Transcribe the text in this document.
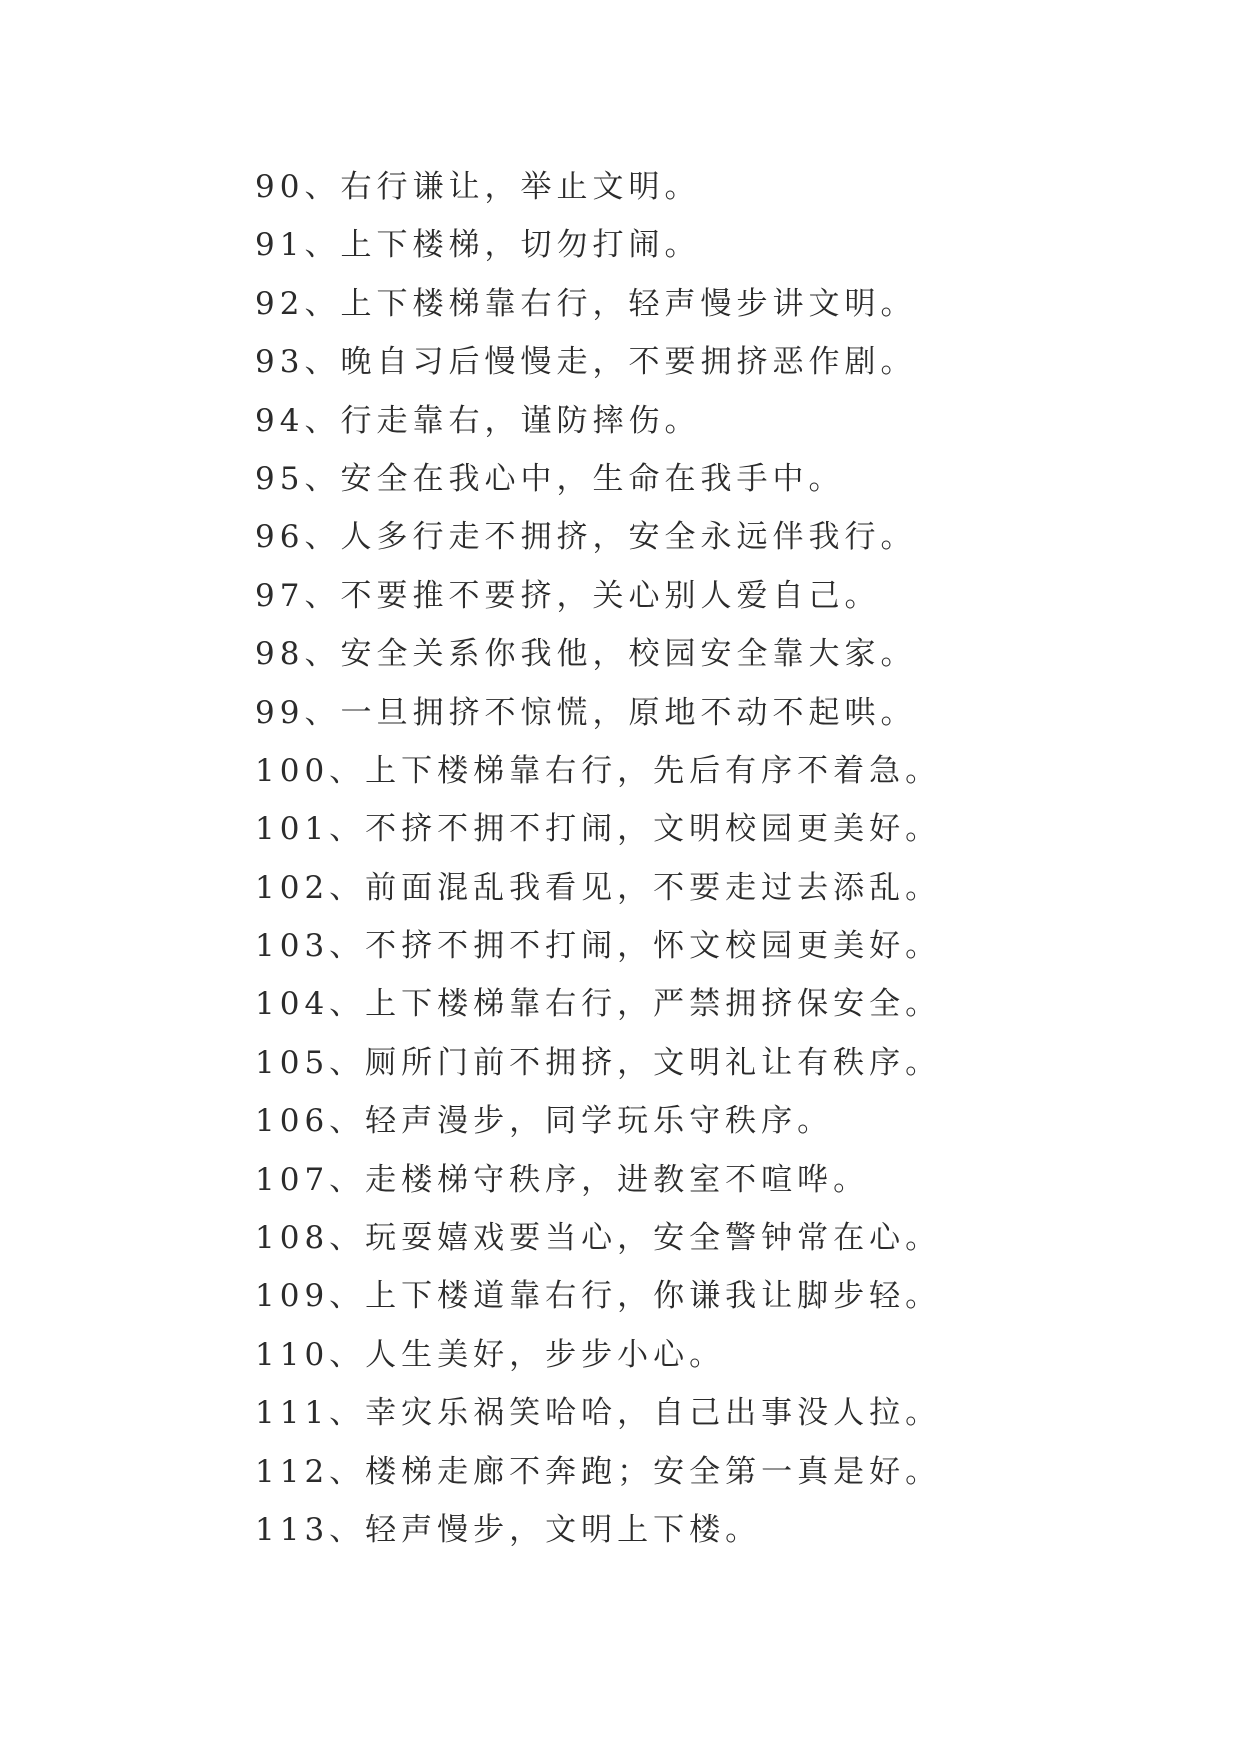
90、右行谦让，举止文明。
91、上下楼梯，切勿打闹。
92、上下楼梯靠右行，轻声慢步讲文明。
93、晚自习后慢慢走，不要拥挤恶作剧。
94、行走靠右，谨防摔伤。
95、安全在我心中，生命在我手中。
96、人多行走不拥挤，安全永远伴我行。
97、不要推不要挤，关心别人爱自己。
98、安全关系你我他，校园安全靠大家。
99、一旦拥挤不惊慌，原地不动不起哄。
100、上下楼梯靠右行，先后有序不着急。
101、不挤不拥不打闹，文明校园更美好。
102、前面混乱我看见，不要走过去添乱。
103、不挤不拥不打闹，怀文校园更美好。
104、上下楼梯靠右行，严禁拥挤保安全。
105、厕所门前不拥挤，文明礼让有秩序。
106、轻声漫步，同学玩乐守秩序。
107、走楼梯守秩序，进教室不喧哗。
108、玩耍嬉戏要当心，安全警钟常在心。
109、上下楼道靠右行，你谦我让脚步轻。
110、人生美好，步步小心。
111、幸灾乐祸笑哈哈，自己出事没人拉。
112、楼梯走廊不奔跑；安全第一真是好。
113、轻声慢步，文明上下楼。
